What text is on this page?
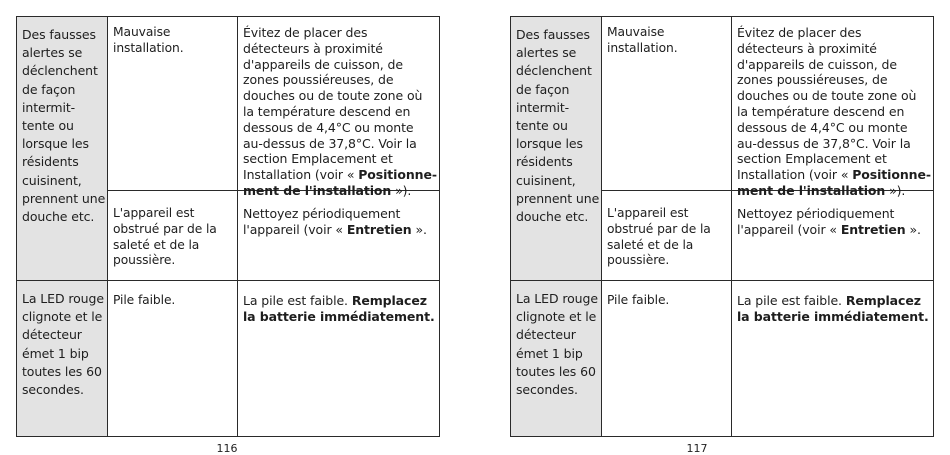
Des fausses alertes se déclenchent de façon intermit- tente ou lorsque les résidents cuisinent, prennent une douche etc.
Mauvaise installation.
Évitez de placer des détecteurs à proximité d'appareils de cuisson, de zones poussiéreuses, de douches ou de toute zone où la température descend en dessous de 4,4°C ou monte au-dessus de 37,8°C. Voir la section Emplacement et Installation (voir « Positionne- ment de l'installation »).
L'appareil est obstrué par de la saleté et de la poussière.
Nettoyez périodiquement l'appareil (voir « Entretien ».
La LED rouge clignote et le détecteur émet 1 bip toutes les 60 secondes.
Pile faible.	La pile est faible. Remplacez la batterie immédiatement.
116
Des fausses alertes se déclenchent de façon intermit- tente ou lorsque les résidents cuisinent, prennent une douche etc.
Mauvaise installation.
Évitez de placer des détecteurs à proximité d'appareils de cuisson, de zones poussiéreuses, de douches ou de toute zone où la température descend en dessous de 4,4°C ou monte au-dessus de 37,8°C. Voir la section Emplacement et Installation (voir « Positionne- ment de l'installation »).
L'appareil est obstrué par de la saleté et de la poussière.
Nettoyez périodiquement l'appareil (voir « Entretien ».
La LED rouge clignote et le détecteur émet 1 bip toutes les 60 secondes.
Pile faible.	La pile est faible. Remplacez la batterie immédiatement.
117
